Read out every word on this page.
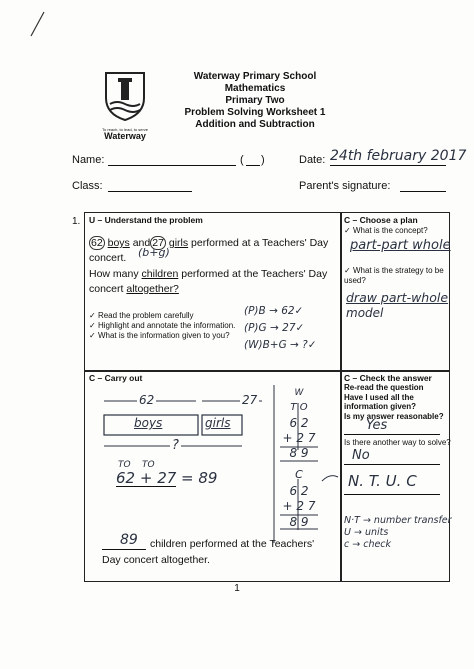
To reach, to lead, to serve
Waterway
Waterway Primary School
Mathematics
Primary Two
Problem Solving Worksheet 1
Addition and Subtraction
Name:	( )	Date: 24th february 2017
Class:	Parent's signature:
1. U – Understand the problem
62 boys and 27 girls performed at a Teachers' Day
concert. (b+g)
How many children performed at the Teachers' Day
concert altogether?
✓ Read the problem carefully
✓ Highlight and annotate the information.
✓ What is the information given to you?
(P)B → 62✓
(P)G → 27✓
(W)B+G → ?✓
C – Choose a plan
✓ What is the concept?
part-part whole
✓ What is the strategy to be used?
draw part-whole
model
C – Carry out
62	27
boys	girls
?
TO    TO
62 + 27 = 89
89 children performed at the Teachers'
Day concert altogether.
W
T O
6 2
+ 2 7
8 9
C
6 2
+ 2 7
8 9
C – Check the answer
Re-read the question
Have I used all the information given?
Is my answer reasonable?
Yes
Is there another way to solve?
No
N. T. U. C
N·T → number transfer
U → units
c → check
1
